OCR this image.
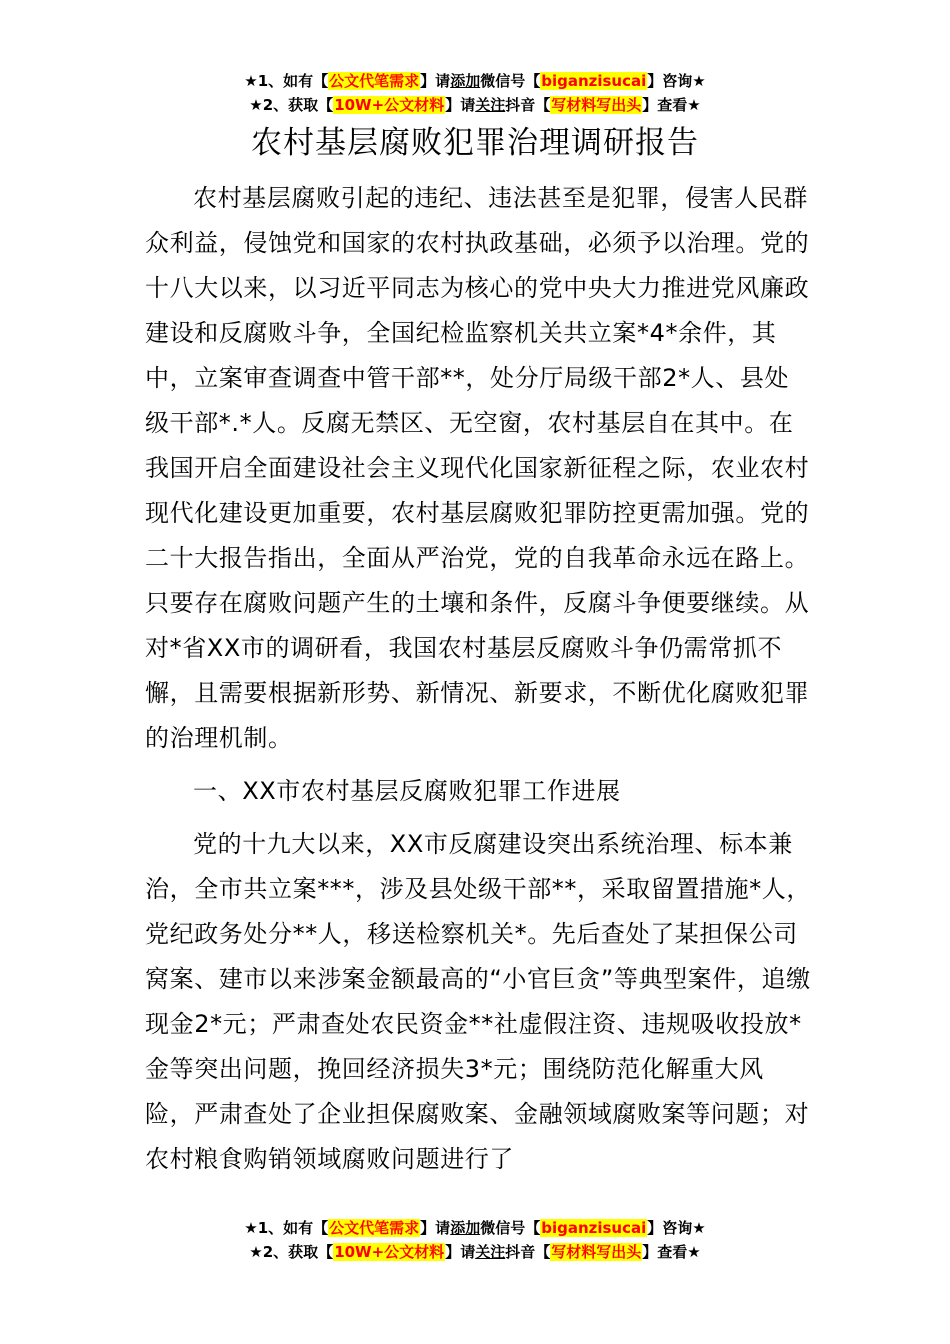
★1、如有【公文代笔需求】请添加微信号【biganzisucai】咨询★
★2、获取【10W+公文材料】请关注抖音【写材料写出头】查看★
农村基层腐败犯罪治理调研报告

农村基层腐败引起的违纪、违法甚至是犯罪，侵害人民群众利益，侵蚀党和国家的农村执政基础，必须予以治理。党的十八大以来，以习近平同志为核心的党中央大力推进党风廉政建设和反腐败斗争，全国纪检监察机关共立案*4*余件，其中，立案审查调查中管干部**，处分厅局级干部2*人、县处级干部*.*人。反腐无禁区、无空窗，农村基层自在其中。在我国开启全面建设社会主义现代化国家新征程之际，农业农村现代化建设更加重要，农村基层腐败犯罪防控更需加强。党的二十大报告指出，全面从严治党，党的自我革命永远在路上。只要存在腐败问题产生的土壤和条件，反腐斗争便要继续。从对*省XX市的调研看，我国农村基层反腐败斗争仍需常抓不懈，且需要根据新形势、新情况、新要求，不断优化腐败犯罪的治理机制。

一、XX市农村基层反腐败犯罪工作进展

党的十九大以来，XX市反腐建设突出系统治理、标本兼治，全市共立案***，涉及县处级干部**，采取留置措施*人，党纪政务处分**人，移送检察机关*。先后查处了某担保公司窝案、建市以来涉案金额最高的“小官巨贪”等典型案件，追缴现金2*元；严肃查处农民资金**社虚假注资、违规吸收投放*金等突出问题，挽回经济损失3*元；围绕防范化解重大风险，严肃查处了企业担保腐败案、金融领域腐败案等问题；对农村粮食购销领域腐败问题进行了

★1、如有【公文代笔需求】请添加微信号【biganzisucai】咨询★
★2、获取【10W+公文材料】请关注抖音【写材料写出头】查看★
